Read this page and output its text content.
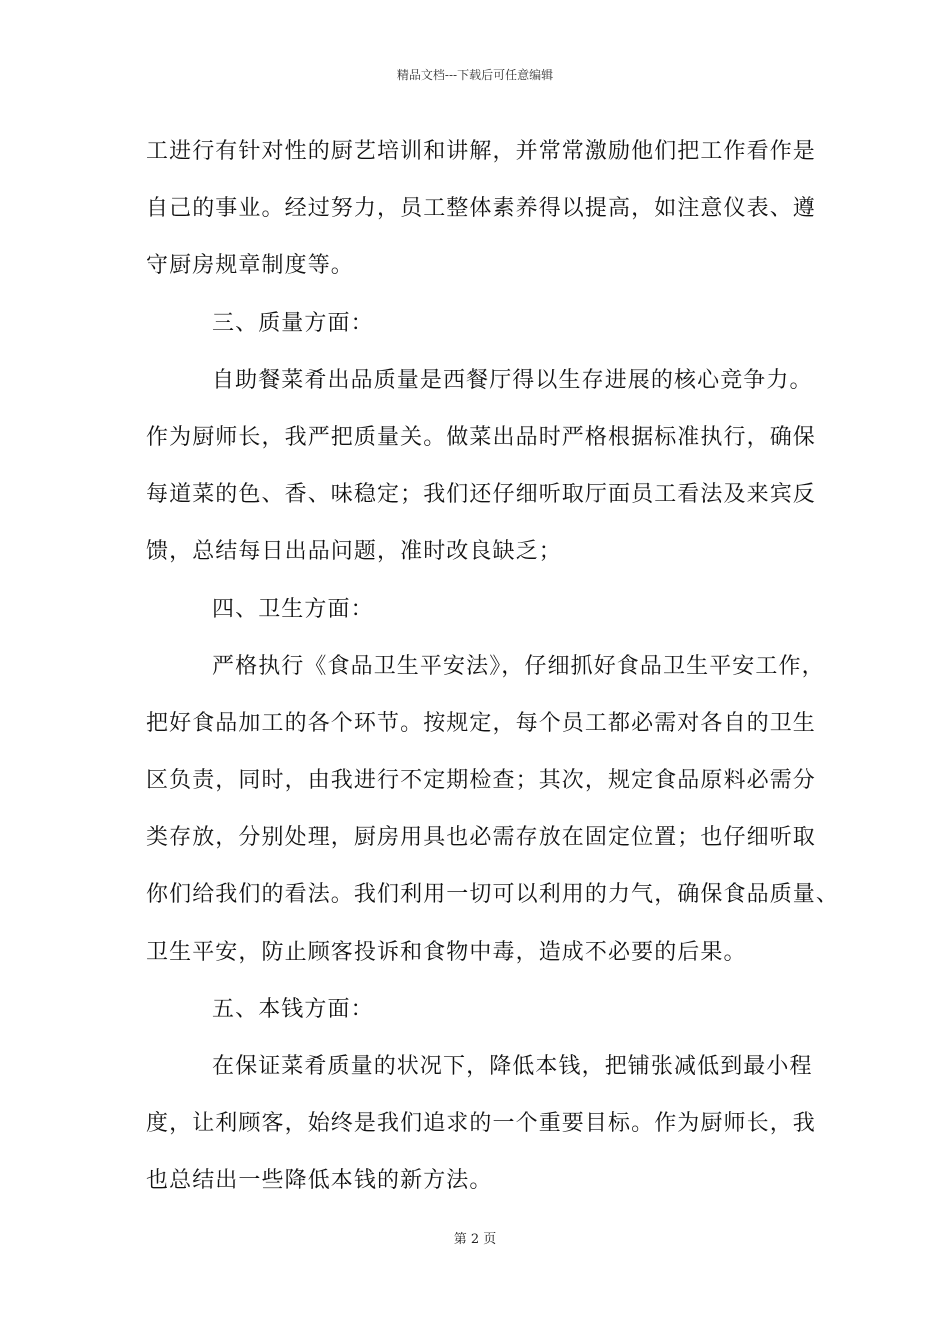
精品文档---下载后可任意编辑
工进行有针对性的厨艺培训和讲解，并常常激励他们把工作看作是
自己的事业。经过努力，员工整体素养得以提高，如注意仪表、遵
守厨房规章制度等。
三、质量方面：
自助餐菜肴出品质量是西餐厅得以生存进展的核心竞争力。
作为厨师长，我严把质量关。做菜出品时严格根据标准执行，确保
每道菜的色、香、味稳定；我们还仔细听取厅面员工看法及来宾反
馈，总结每日出品问题，准时改良缺乏；
四、卫生方面：
严格执行《食品卫生平安法》，仔细抓好食品卫生平安工作，
把好食品加工的各个环节。按规定，每个员工都必需对各自的卫生
区负责，同时，由我进行不定期检查；其次，规定食品原料必需分
类存放，分别处理，厨房用具也必需存放在固定位置；也仔细听取
你们给我们的看法。我们利用一切可以利用的力气，确保食品质量、
卫生平安，防止顾客投诉和食物中毒，造成不必要的后果。
五、本钱方面：
在保证菜肴质量的状况下，降低本钱，把铺张减低到最小程
度，让利顾客，始终是我们追求的一个重要目标。作为厨师长，我
也总结出一些降低本钱的新方法。
第 2 页
